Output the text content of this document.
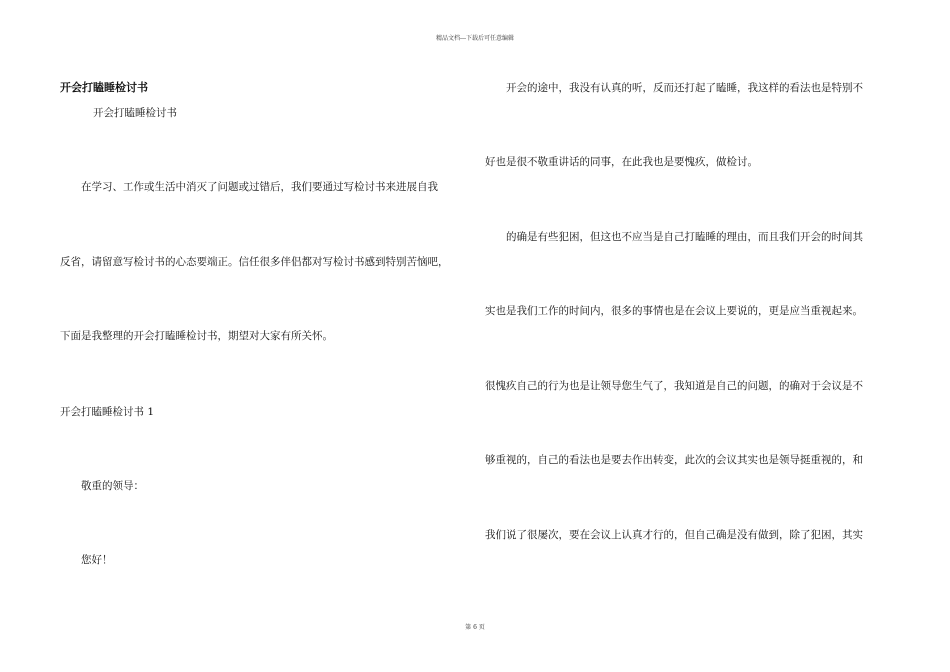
精品文档---下载后可任意编辑
开会打瞌睡检讨书
开会打瞌睡检讨书
在学习、工作或生活中消灭了问题或过错后，我们要通过写检讨书来进展自我
反省，请留意写检讨书的心态要端正。信任很多伴侣都对写检讨书感到特别苦恼吧，
下面是我整理的开会打瞌睡检讨书，期望对大家有所关怀。
开会打瞌睡检讨书 1
敬重的领导：
您好！
开会的途中，我没有认真的听，反而还打起了瞌睡，我这样的看法也是特别不
好也是很不敬重讲话的同事，在此我也是要愧疚，做检讨。
的确是有些犯困，但这也不应当是自己打瞌睡的理由，而且我们开会的时间其
实也是我们工作的时间内，很多的事情也是在会议上要说的，更是应当重视起来。
很愧疚自己的行为也是让领导您生气了，我知道是自己的问题，的确对于会议是不
够重视的，自己的看法也是要去作出转变，此次的会议其实也是领导挺重视的，和
我们说了很屡次，要在会议上认真才行的，但自己确是没有做到，除了犯困，其实
第 6 页
